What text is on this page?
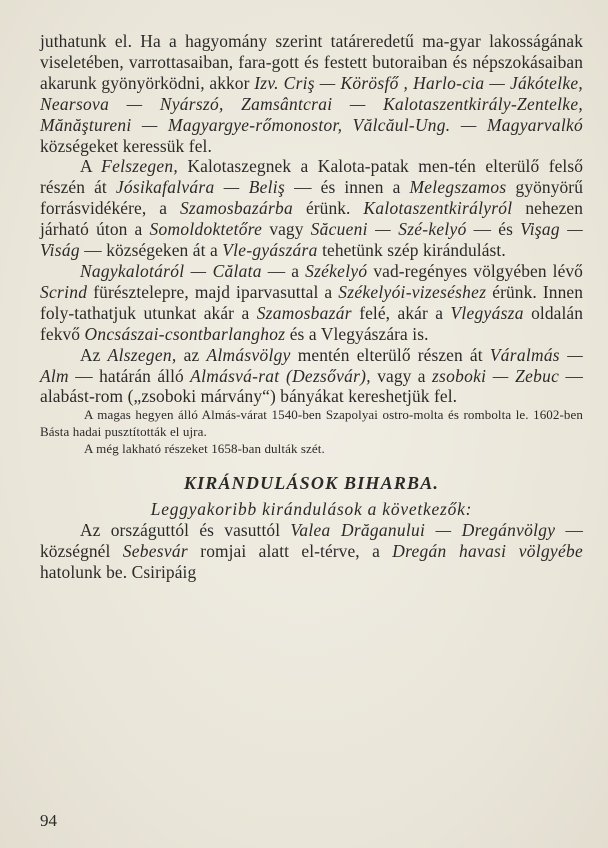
juthatunk el. Ha a hagyomány szerint tatáreredetű ma-gyar lakosságának viseletében, varrottasaiban, fara-gott és festett butoraiban és népszokásaiban akarunk gyönyörködni, akkor Izv. Criş — Körösfő , Harlo-cia — Jákótelke, Nearsova — Nyárszó, Zamsântcrai — Kalotaszentkirály-Zentelke, Mănăştureni — Magyargye-rőmonostor, Vălcăul-Ung. — Magyarvalkó községeket keressük fel.

A Felszegen, Kalotaszegnek a Kalota-patak men-tén elterülő felső részén át Jósikafalvára — Beliş — és innen a Melegszamos gyönyörű forrásvidékére, a Szamosbazárba érünk. Kalotaszentkirályról nehezen járható úton a Somoldoktetőre vagy Săcueni — Szé-kelyó — és Vişag — Viság — községeken át a Vle-gyászára tehetünk szép kirándulást.

Nagykalotáról — Călata — a Székelyó vad-regényes völgyében lévő Scrind fürésztelepre, majd iparvasuttal a Székelyói-vizeséshez érünk. Innen foly-tathatjuk utunkat akár a Szamosbazár felé, akár a Vlegyásza oldalán fekvő Oncsászai-csontbarlanghoz és a Vlegyászára is.

Az Alszegen, az Almásvölgy mentén elterülő részen át Váralmás — Alm — határán álló Almásvá-rat (Dezsővár), vagy a zsoboki — Zebuc — alabást-rom („zsoboki márvány“) bányákat kereshetjük fel.

A magas hegyen álló Almás-várat 1540-ben Szapolyai ostro-molta és rombolta le. 1602-ben Básta hadai pusztították el ujra.

A még lakható részeket 1658-ban dulták szét.

KIRÁNDULÁSOK BIHARBA.

Leggyakoribb kirándulások a következők:

Az országuttól és vasuttól Valea Drăganului — Dregánvölgy — községnél Sebesvár romjai alatt el-térve, a Dregán havasi völgyébe hatolunk be. Csiripáig

94
